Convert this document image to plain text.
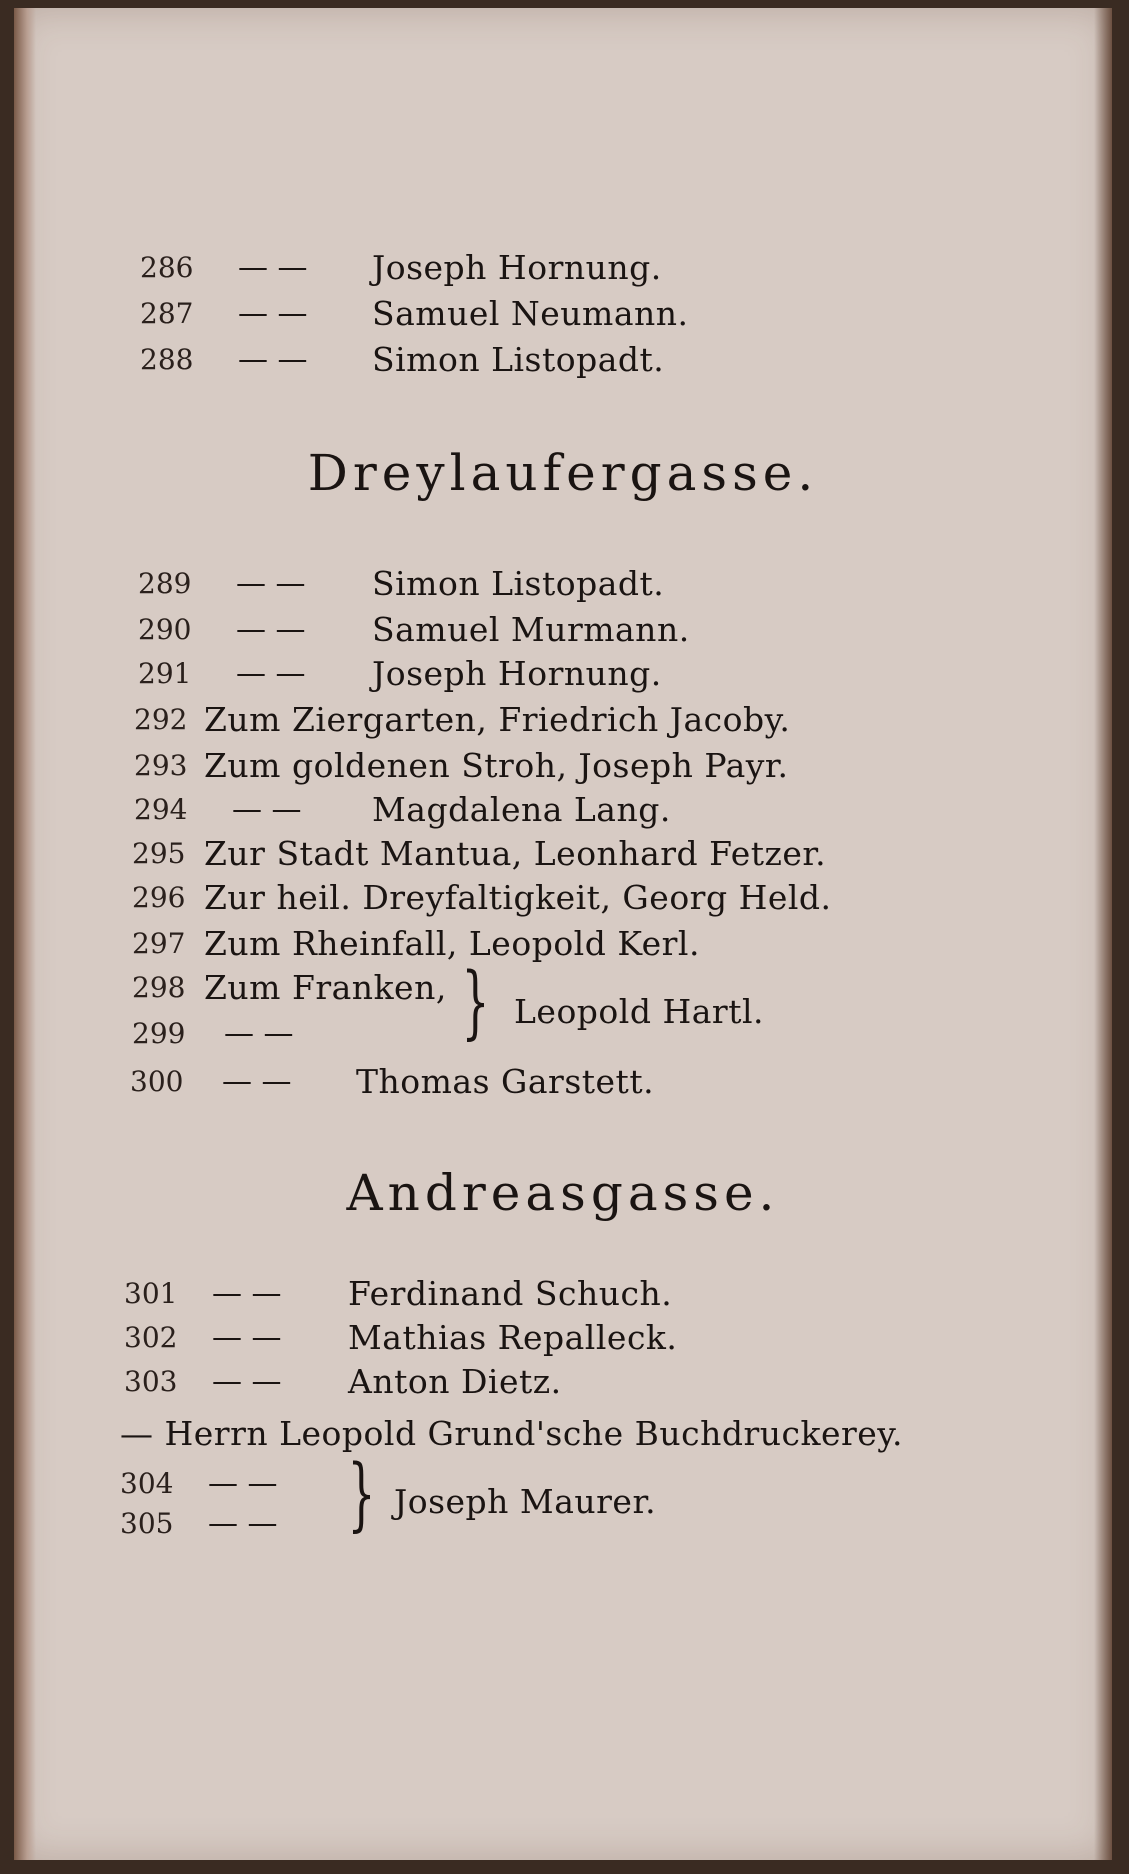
286 — — Joseph Hornung.
287 — — Samuel Neumann.
288 — — Simon Listopadt.
Dreylaufergasse.
289 — — Simon Listopadt.
290 — — Samuel Murmann.
291 — — Joseph Hornung.
292 Zum Ziergarten, Friedrich Jacoby.
293 Zum goldenen Stroh, Joseph Payr.
294 — — Magdalena Lang.
295 Zur Stadt Mantua, Leonhard Fetzer.
296 Zur heil. Dreyfaltigkeit, Georg Held.
297 Zum Rheinfall, Leopold Kerl.
298 Zum Franken,
299 — — } Leopold Hartl.
300 — — Thomas Garstett.
Andreasgasse.
301 — — Ferdinand Schuch.
302 — — Mathias Repalleck.
303 — — Anton Dietz.
— Herrn Leopold Grund'sche Buchdruckerey.
304 — —
305 — — } Joseph Maurer.
